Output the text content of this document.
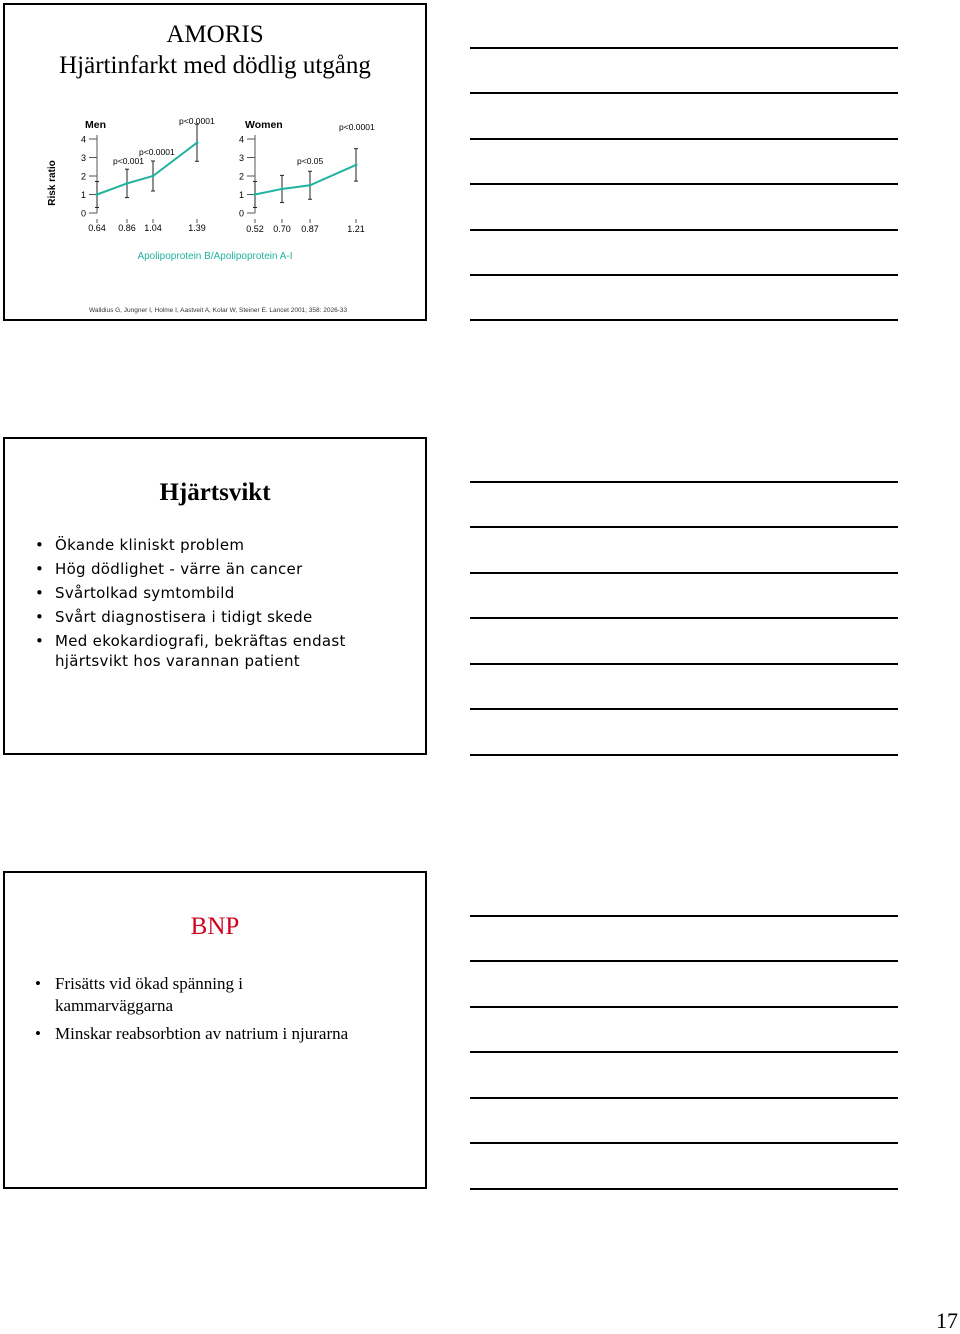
AMORIS
Hjärtinfarkt med dödlig utgång
Risk ratio
Men
0
1
2
3
4
0.64 0.86 1.04	1.39
p<0.001
p<0.0001
p<0.0001	Women
0
1
2
3
4
0.52 0.70 0.87	1.21
p<0.05
p<0.0001
Apolipoprotein B/Apolipoprotein A-I
Walldius G, Jungner I, Holme I, Aastveit A, Kolar W, Steiner E. Lancet 2001; 358: 2026-33
Hjärtsvikt
• Ökande kliniskt problem
• Hög dödlighet - värre än cancer
• Svårtolkad symtombild
• Svårt diagnostisera i tidigt skede
• Med ekokardiografi, bekräftas endast hjärtsvikt hos varannan patient
BNP
• Frisätts vid ökad spänning i kammarväggarna
• Minskar reabsorbtion av natrium i njurarna
17
